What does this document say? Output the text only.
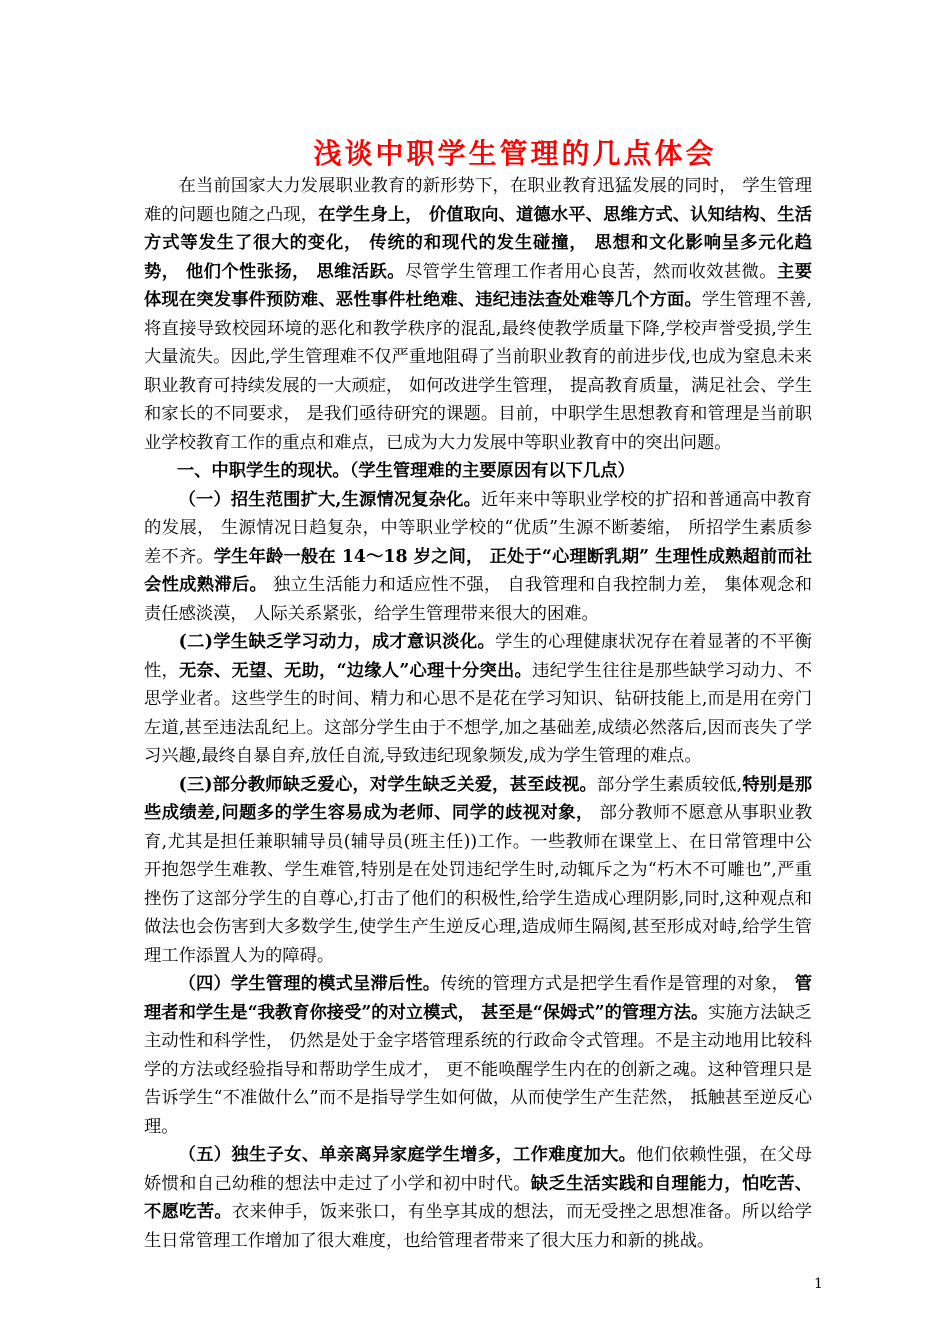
浅谈中职学生管理的几点体会

在当前国家大力发展职业教育的新形势下，在职业教育迅猛发展的同时， 学生管理难的问题也随之凸现，在学生身上， 价值取向、道德水平、思维方式、认知结构、生活方式等发生了很大的变化， 传统的和现代的发生碰撞， 思想和文化影响呈多元化趋势， 他们个性张扬， 思维活跃。尽管学生管理工作者用心良苦，然而收效甚微。主要体现在突发事件预防难、恶性事件杜绝难、违纪违法查处难等几个方面。学生管理不善,将直接导致校园环境的恶化和教学秩序的混乱,最终使教学质量下降,学校声誉受损,学生大量流失。因此,学生管理难不仅严重地阻碍了当前职业教育的前进步伐,也成为窒息未来职业教育可持续发展的一大顽症， 如何改进学生管理， 提高教育质量，满足社会、学生和家长的不同要求， 是我们亟待研究的课题。目前，中职学生思想教育和管理是当前职业学校教育工作的重点和难点，已成为大力发展中等职业教育中的突出问题。

一、中职学生的现状。（学生管理难的主要原因有以下几点）

（一）招生范围扩大,生源情况复杂化。近年来中等职业学校的扩招和普通高中教育的发展， 生源情况日趋复杂，中等职业学校的“优质”生源不断萎缩， 所招学生素质参差不齐。学生年龄一般在 14～18 岁之间， 正处于“心理断乳期” 生理性成熟超前而社会性成熟滞后。 独立生活能力和适应性不强， 自我管理和自我控制力差， 集体观念和责任感淡漠， 人际关系紧张，给学生管理带来很大的困难。

(二)学生缺乏学习动力，成才意识淡化。学生的心理健康状况存在着显著的不平衡性，无奈、无望、无助，“边缘人”心理十分突出。违纪学生往往是那些缺学习动力、不思学业者。这些学生的时间、精力和心思不是花在学习知识、钻研技能上,而是用在旁门左道,甚至违法乱纪上。这部分学生由于不想学,加之基础差,成绩必然落后,因而丧失了学习兴趣,最终自暴自弃,放任自流,导致违纪现象频发,成为学生管理的难点。

(三)部分教师缺乏爱心，对学生缺乏关爱，甚至歧视。部分学生素质较低,特别是那些成绩差,问题多的学生容易成为老师、同学的歧视对象， 部分教师不愿意从事职业教育,尤其是担任兼职辅导员(辅导员(班主任))工作。一些教师在课堂上、在日常管理中公开抱怨学生难教、学生难管,特别是在处罚违纪学生时,动辄斥之为“朽木不可雕也”,严重挫伤了这部分学生的自尊心,打击了他们的积极性,给学生造成心理阴影,同时,这种观点和做法也会伤害到大多数学生,使学生产生逆反心理,造成师生隔阂,甚至形成对峙,给学生管理工作添置人为的障碍。

（四）学生管理的模式呈滞后性。传统的管理方式是把学生看作是管理的对象， 管理者和学生是“我教育你接受”的对立模式， 甚至是“保姆式”的管理方法。实施方法缺乏主动性和科学性， 仍然是处于金字塔管理系统的行政命令式管理。不是主动地用比较科学的方法或经验指导和帮助学生成才， 更不能唤醒学生内在的创新之魂。这种管理只是告诉学生“不准做什么”而不是指导学生如何做，从而使学生产生茫然， 抵触甚至逆反心理。

（五）独生子女、单亲离异家庭学生增多，工作难度加大。他们依赖性强，在父母娇惯和自己幼稚的想法中走过了小学和初中时代。缺乏生活实践和自理能力，怕吃苦、不愿吃苦。衣来伸手，饭来张口，有坐享其成的想法，而无受挫之思想准备。所以给学生日常管理工作增加了很大难度，也给管理者带来了很大压力和新的挑战。

1
